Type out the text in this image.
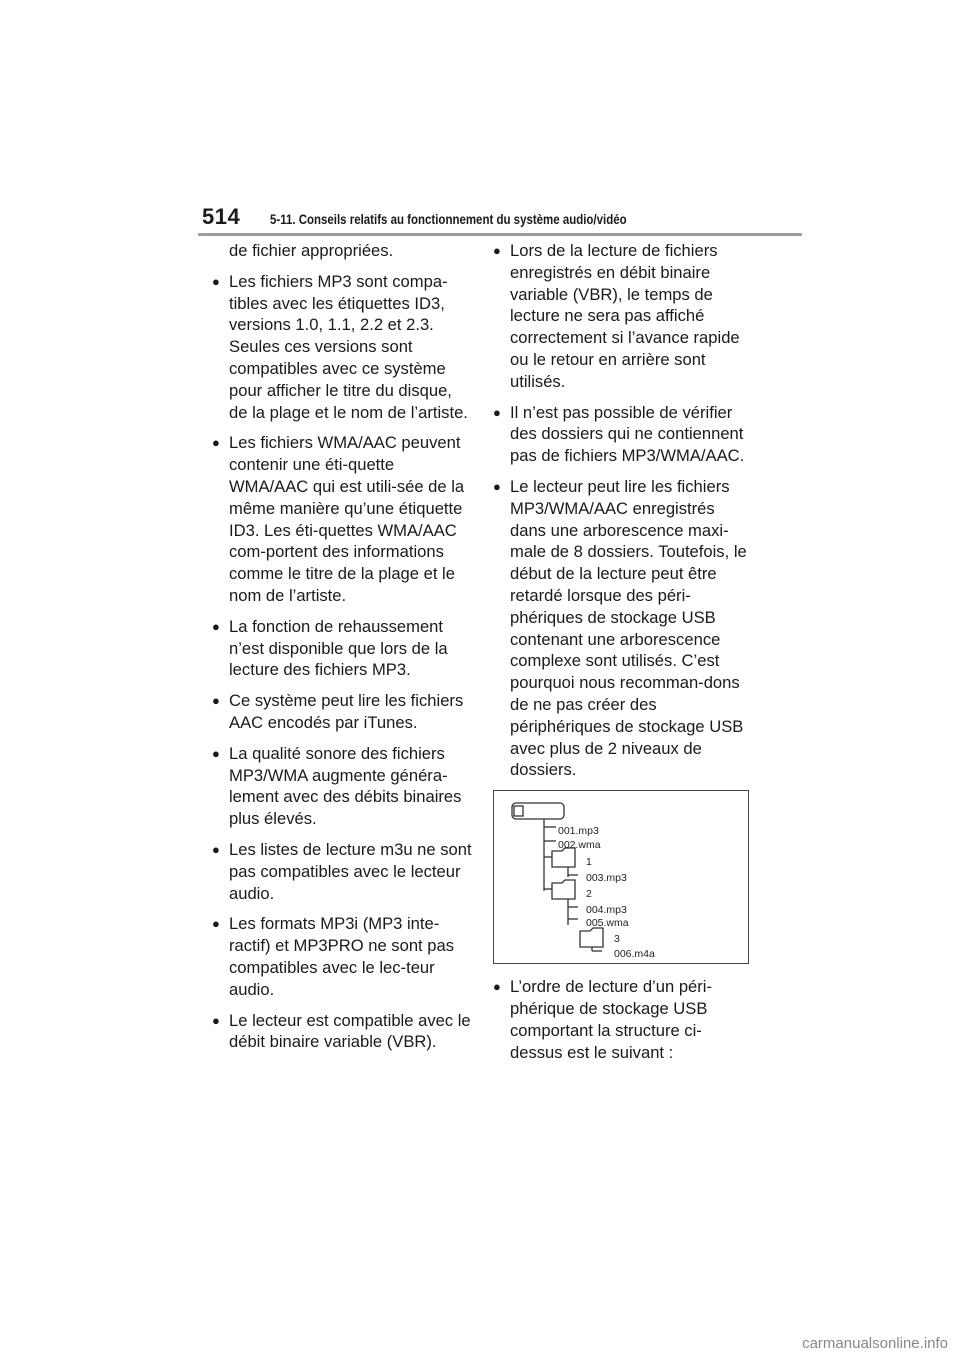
514 5-11. Conseils relatifs au fonctionnement du système audio/vidéo

de fichier appropriées.

● Les fichiers MP3 sont compa-tibles avec les étiquettes ID3, versions 1.0, 1.1, 2.2 et 2.3. Seules ces versions sont compatibles avec ce système pour afficher le titre du disque, de la plage et le nom de l’artiste.
● Les fichiers WMA/AAC peuvent contenir une éti-quette WMA/AAC qui est utili-sée de la même manière qu’une étiquette ID3. Les éti-quettes WMA/AAC com-portent des informations comme le titre de la plage et le nom de l’artiste.
● La fonction de rehaussement n’est disponible que lors de la lecture des fichiers MP3.
● Ce système peut lire les fichiers AAC encodés par iTunes.
● La qualité sonore des fichiers MP3/WMA augmente généra-lement avec des débits binaires plus élevés.
● Les listes de lecture m3u ne sont pas compatibles avec le lecteur audio.
● Les formats MP3i (MP3 inte-ractif) et MP3PRO ne sont pas compatibles avec le lec-teur audio.
● Le lecteur est compatible avec le débit binaire variable (VBR).
● Lors de la lecture de fichiers enregistrés en débit binaire variable (VBR), le temps de lecture ne sera pas affiché correctement si l’avance rapide ou le retour en arrière sont utilisés.
● Il n’est pas possible de vérifier des dossiers qui ne contiennent pas de fichiers MP3/WMA/AAC.
● Le lecteur peut lire les fichiers MP3/WMA/AAC enregistrés dans une arborescence maxi-male de 8 dossiers. Toutefois, le début de la lecture peut être retardé lorsque des péri-phériques de stockage USB contenant une arborescence complexe sont utilisés. C’est pourquoi nous recomman-dons de ne pas créer des périphériques de stockage USB avec plus de 2 niveaux de dossiers.
001.mp3
002.wma
1
003.mp3
2
004.mp3
005.wma
3
006.m4a
● L’ordre de lecture d’un péri-phérique de stockage USB comportant la structure ci-dessus est le suivant :
carmanualsonline.info
